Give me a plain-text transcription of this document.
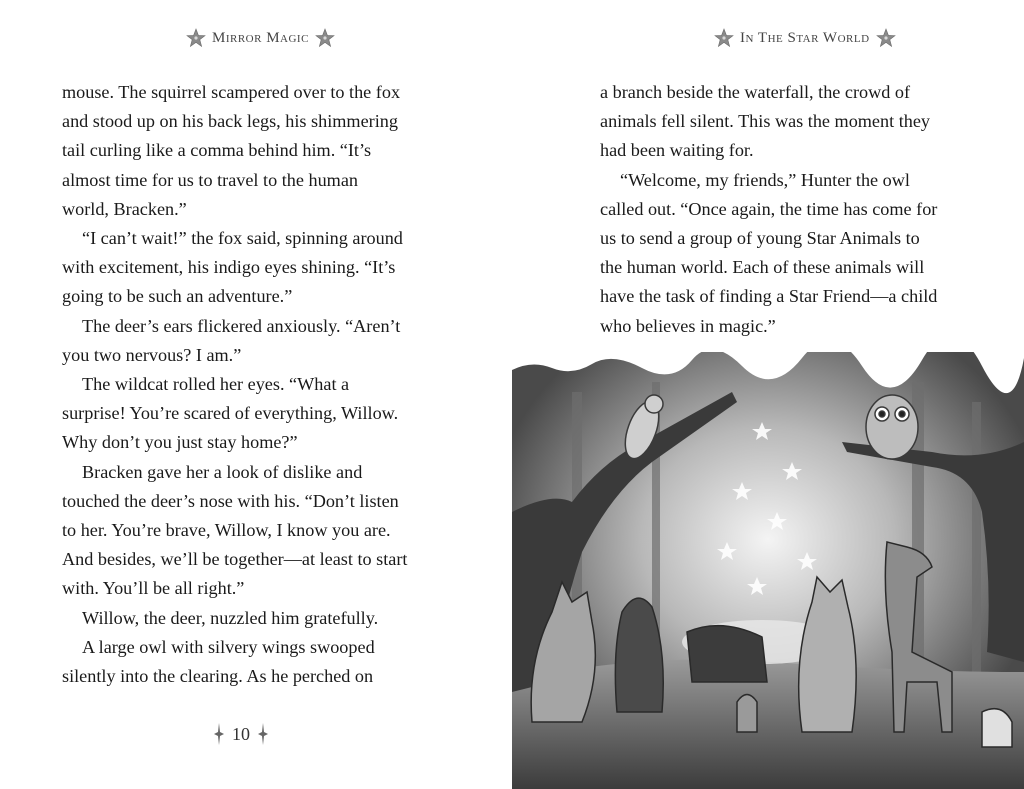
Mirror Magic

mouse. The squirrel scampered over to the fox
and stood up on his back legs, his shimmering
tail curling like a comma behind him. “It’s
almost time for us to travel to the human
world, Bracken.”
“I can’t wait!” the fox said, spinning around
with excitement, his indigo eyes shining. “It’s
going to be such an adventure.”
The deer’s ears flickered anxiously. “Aren’t
you two nervous? I am.”
The wildcat rolled her eyes. “What a
surprise! You’re scared of everything, Willow.
Why don’t you just stay home?”
Bracken gave her a look of dislike and
touched the deer’s nose with his. “Don’t listen
to her. You’re brave, Willow, I know you are.
And besides, we’ll be together—at least to start
with. You’ll be all right.”
Willow, the deer, nuzzled him gratefully.
A large owl with silvery wings swooped
silently into the clearing. As he perched on

10
In The Star World

a branch beside the waterfall, the crowd of
animals fell silent. This was the moment they
had been waiting for.
“Welcome, my friends,” Hunter the owl
called out. “Once again, the time has come for
us to send a group of young Star Animals to
the human world. Each of these animals will
have the task of finding a Star Friend—a child
who believes in magic.”
